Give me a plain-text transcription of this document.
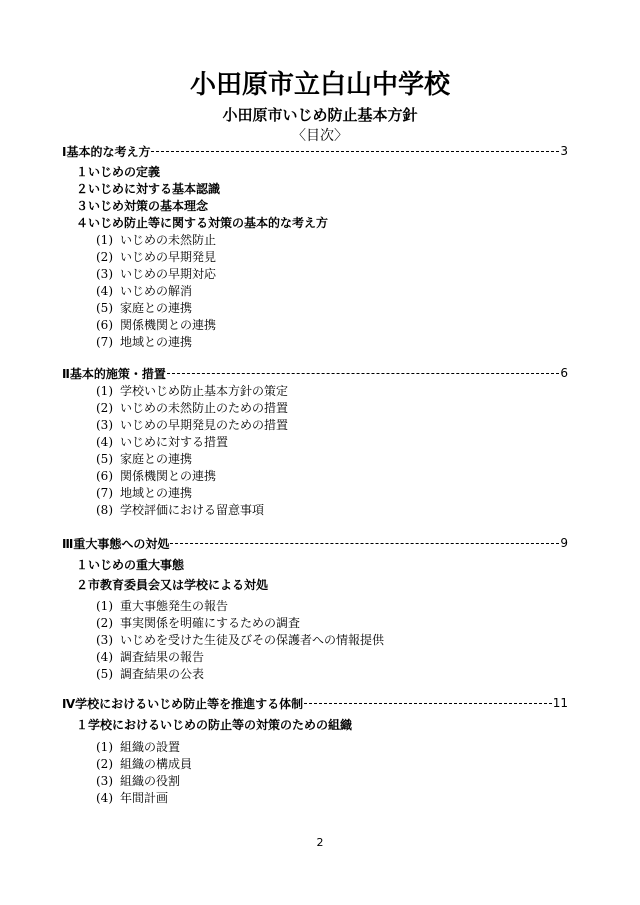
小田原市立白山中学校
小田原市いじめ防止基本方針
〈目次〉
Ⅰ基本的な考え方	3
１いじめの定義
２いじめに対する基本認識
３いじめ対策の基本理念
４いじめ防止等に関する対策の基本的な考え方
(1) いじめの未然防止
(2) いじめの早期発見
(3) いじめの早期対応
(4) いじめの解消
(5) 家庭との連携
(6) 関係機関との連携
(7) 地域との連携
Ⅱ基本的施策・措置	6
(1) 学校いじめ防止基本方針の策定
(2) いじめの未然防止のための措置
(3) いじめの早期発見のための措置
(4) いじめに対する措置
(5) 家庭との連携
(6) 関係機関との連携
(7) 地域との連携
(8) 学校評価における留意事項
Ⅲ重大事態への対処	9
１いじめの重大事態
２市教育委員会又は学校による対処
(1) 重大事態発生の報告
(2) 事実関係を明確にするための調査
(3) いじめを受けた生徒及びその保護者への情報提供
(4) 調査結果の報告
(5) 調査結果の公表
Ⅳ学校におけるいじめ防止等を推進する体制	11
１学校におけるいじめの防止等の対策のための組織
(1) 組織の設置
(2) 組織の構成員
(3) 組織の役割
(4) 年間計画
2
